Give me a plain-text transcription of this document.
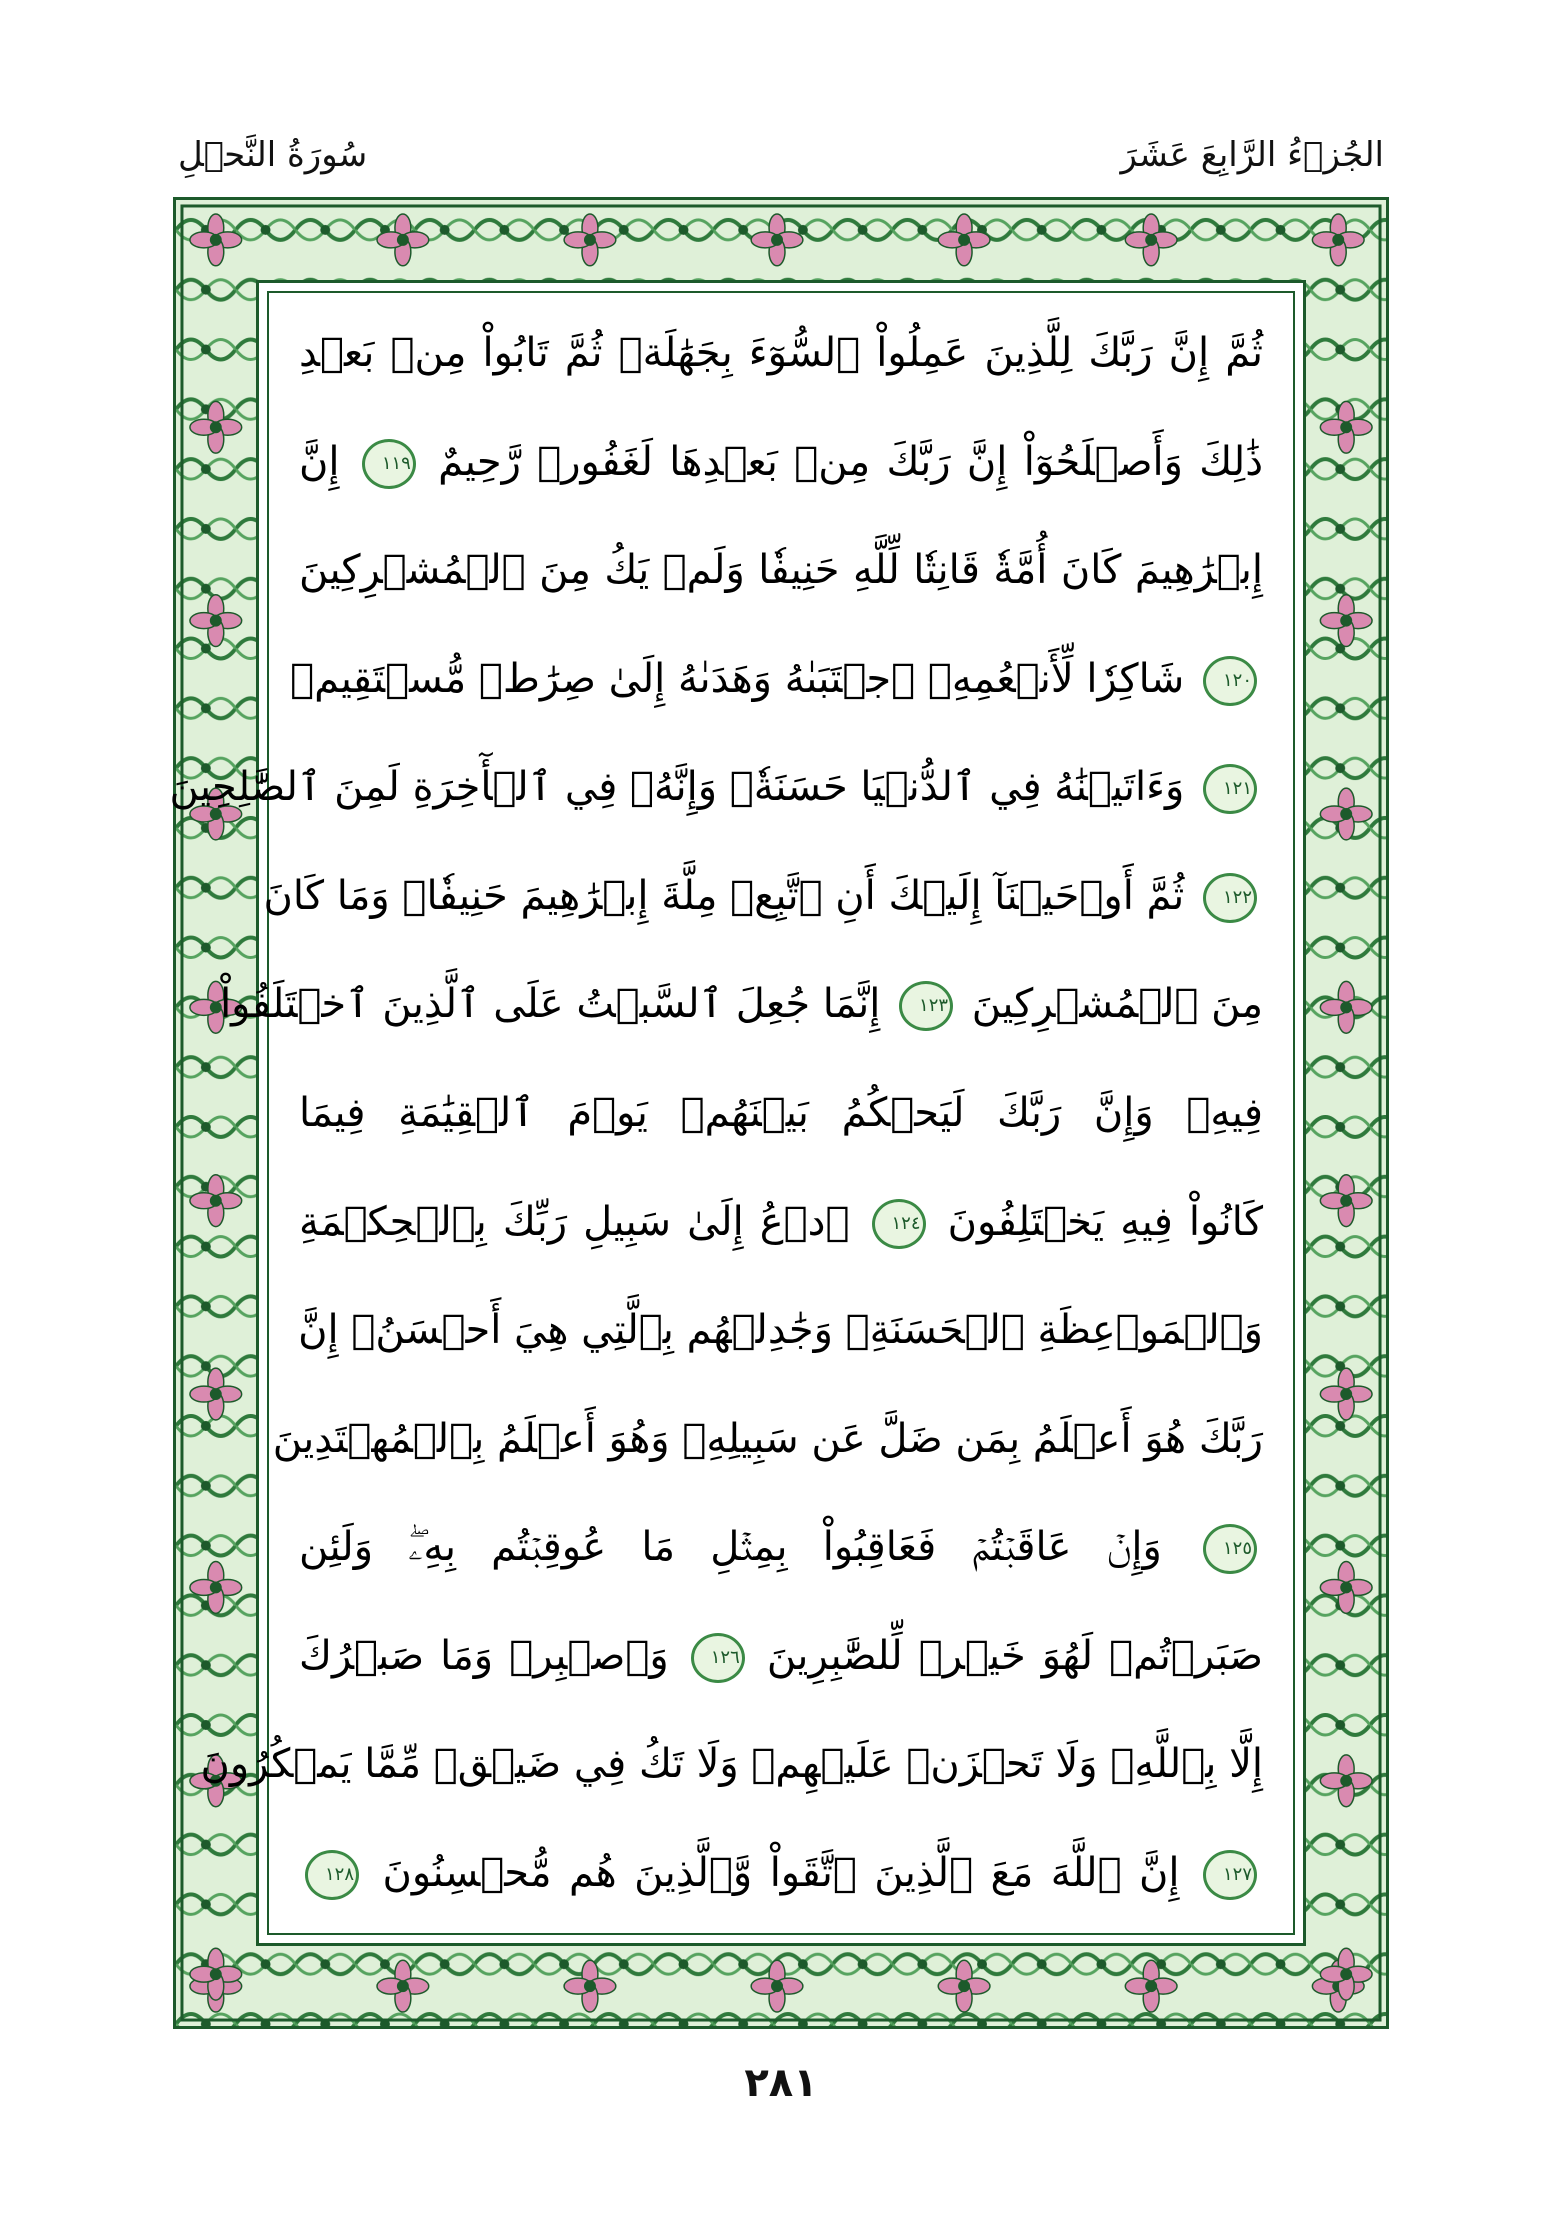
الجُزۡءُ الرَّابِعَ عَشَرَ
سُورَةُ النَّحۡلِ
ثُمَّ إِنَّ رَبَّكَ لِلَّذِينَ عَمِلُواْ ٱلسُّوٓءَ بِجَهَٰلَةٖ ثُمَّ تَابُواْ مِنۢ بَعۡدِ
ذَٰلِكَ وَأَصۡلَحُوٓاْ إِنَّ رَبَّكَ مِنۢ بَعۡدِهَا لَغَفُورٞ رَّحِيمٌ ١١٩ إِنَّ
إِبۡرَٰهِيمَ كَانَ أُمَّةٗ قَانِتٗا لِّلَّهِ حَنِيفٗا وَلَمۡ يَكُ مِنَ ٱلۡمُشۡرِكِينَ
١٢٠ شَاكِرٗا لِّأَنۡعُمِهِۚ ٱجۡتَبَىٰهُ وَهَدَىٰهُ إِلَىٰ صِرَٰطٖ مُّسۡتَقِيمٖ
١٢١ وَءَاتَيۡنَٰهُ فِي ٱلدُّنۡيَا حَسَنَةٗۖ وَإِنَّهُۥ فِي ٱلۡأٓخِرَةِ لَمِنَ ٱلصَّٰلِحِينَ
١٢٢ ثُمَّ أَوۡحَيۡنَآ إِلَيۡكَ أَنِ ٱتَّبِعۡ مِلَّةَ إِبۡرَٰهِيمَ حَنِيفٗاۖ وَمَا كَانَ
مِنَ ٱلۡمُشۡرِكِينَ ١٢٣ إِنَّمَا جُعِلَ ٱلسَّبۡتُ عَلَى ٱلَّذِينَ ٱخۡتَلَفُواْ
فِيهِۚ وَإِنَّ رَبَّكَ لَيَحۡكُمُ بَيۡنَهُمۡ يَوۡمَ ٱلۡقِيَٰمَةِ فِيمَا
كَانُواْ فِيهِ يَخۡتَلِفُونَ ١٢٤ ٱدۡعُ إِلَىٰ سَبِيلِ رَبِّكَ بِٱلۡحِكۡمَةِ
وَٱلۡمَوۡعِظَةِ ٱلۡحَسَنَةِۖ وَجَٰدِلۡهُم بِٱلَّتِي هِيَ أَحۡسَنُۚ إِنَّ
رَبَّكَ هُوَ أَعۡلَمُ بِمَن ضَلَّ عَن سَبِيلِهِۦ وَهُوَ أَعۡلَمُ بِٱلۡمُهۡتَدِينَ
١٢٥ وَإِنۡ عَاقَبۡتُمۡ فَعَاقِبُواْ بِمِثۡلِ مَا عُوقِبۡتُم بِهِۦۖ وَلَئِن
صَبَرۡتُمۡ لَهُوَ خَيۡرٞ لِّلصَّٰبِرِينَ ١٢٦ وَٱصۡبِرۡ وَمَا صَبۡرُكَ
إِلَّا بِٱللَّهِۚ وَلَا تَحۡزَنۡ عَلَيۡهِمۡ وَلَا تَكُ فِي ضَيۡقٖ مِّمَّا يَمۡكُرُونَ
١٢٧ إِنَّ ٱللَّهَ مَعَ ٱلَّذِينَ ٱتَّقَواْ وَّٱلَّذِينَ هُم مُّحۡسِنُونَ ١٢٨
٢٨١
